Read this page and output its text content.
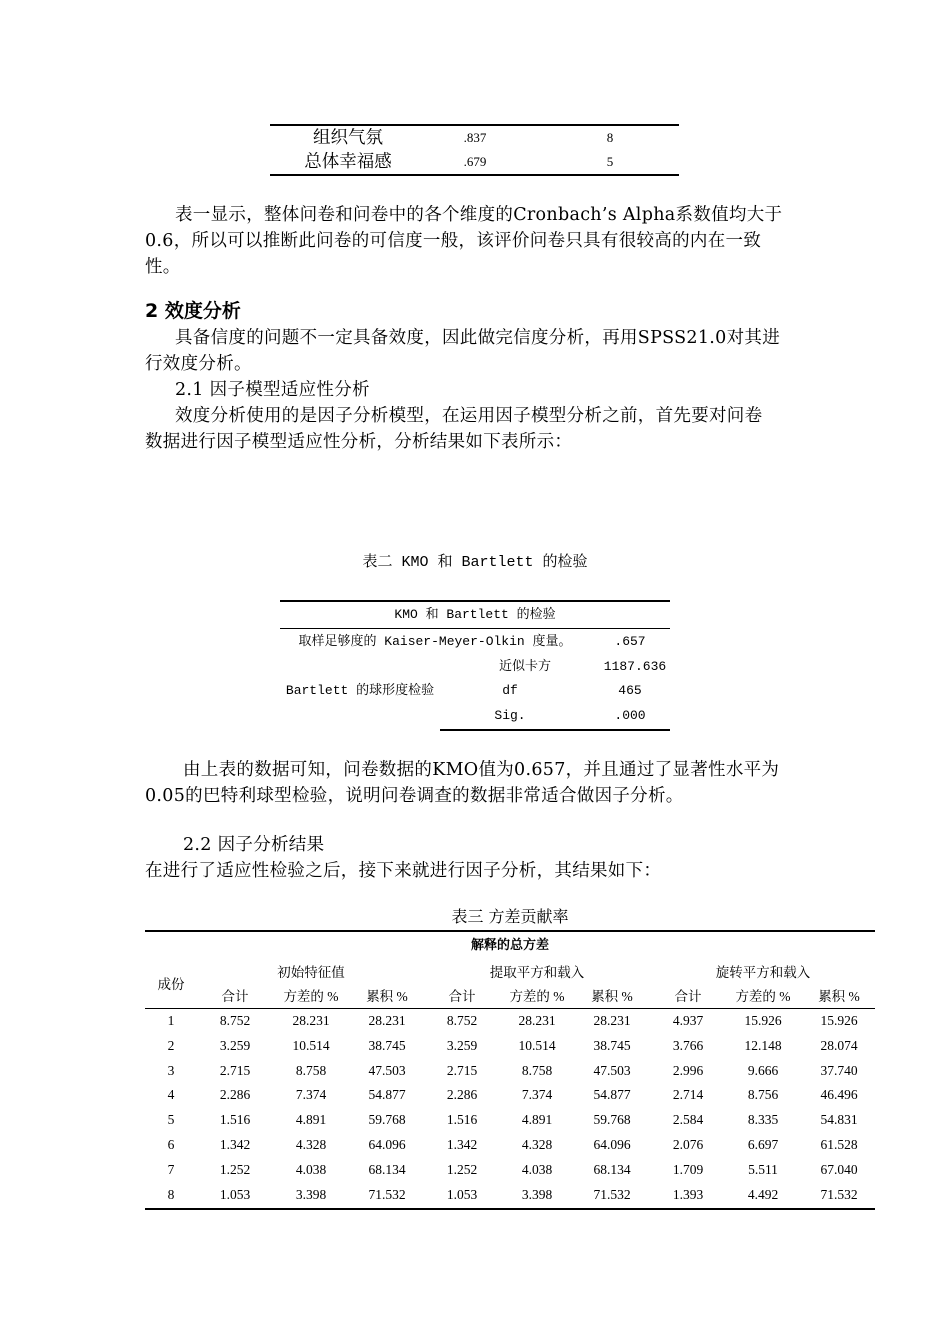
组织气氛	.837	8
总体幸福感	.679	5
表一显示，整体问卷和问卷中的各个维度的Cronbach’s Alpha系数值均大于
0.6，所以可以推断此问卷的可信度一般，该评价问卷只具有很较高的内在一致
性。
2 效度分析
具备信度的问题不一定具备效度，因此做完信度分析，再用SPSS21.0对其进
行效度分析。
2.1 因子模型适应性分析
效度分析使用的是因子分析模型，在运用因子模型分析之前，首先要对问卷
数据进行因子模型适应性分析，分析结果如下表所示：
表二 KMO 和 Bartlett 的检验
KMO 和 Bartlett 的检验
取样足够度的 Kaiser-Meyer-Olkin 度量。	.657
Bartlett 的球形度检验
近似卡方	1187.636
df	465
Sig.	.000
由上表的数据可知，问卷数据的KMO值为0.657，并且通过了显著性水平为
0.05的巴特利球型检验，说明问卷调查的数据非常适合做因子分析。
2.2 因子分析结果
在进行了适应性检验之后，接下来就进行因子分析，其结果如下：
表三 方差贡献率
解释的总方差
成份
初始特征值	提取平方和载入	旋转平方和载入
合计	方差的 %	累积 %	合计	方差的 %	累积 %	合计	方差的 %	累积 %
1	8.752	28.231	28.231	8.752	28.231	28.231	4.937	15.926	15.926
2	3.259	10.514	38.745	3.259	10.514	38.745	3.766	12.148	28.074
3	2.715	8.758	47.503	2.715	8.758	47.503	2.996	9.666	37.740
4	2.286	7.374	54.877	2.286	7.374	54.877	2.714	8.756	46.496
5	1.516	4.891	59.768	1.516	4.891	59.768	2.584	8.335	54.831
6	1.342	4.328	64.096	1.342	4.328	64.096	2.076	6.697	61.528
7	1.252	4.038	68.134	1.252	4.038	68.134	1.709	5.511	67.040
8	1.053	3.398	71.532	1.053	3.398	71.532	1.393	4.492	71.532
